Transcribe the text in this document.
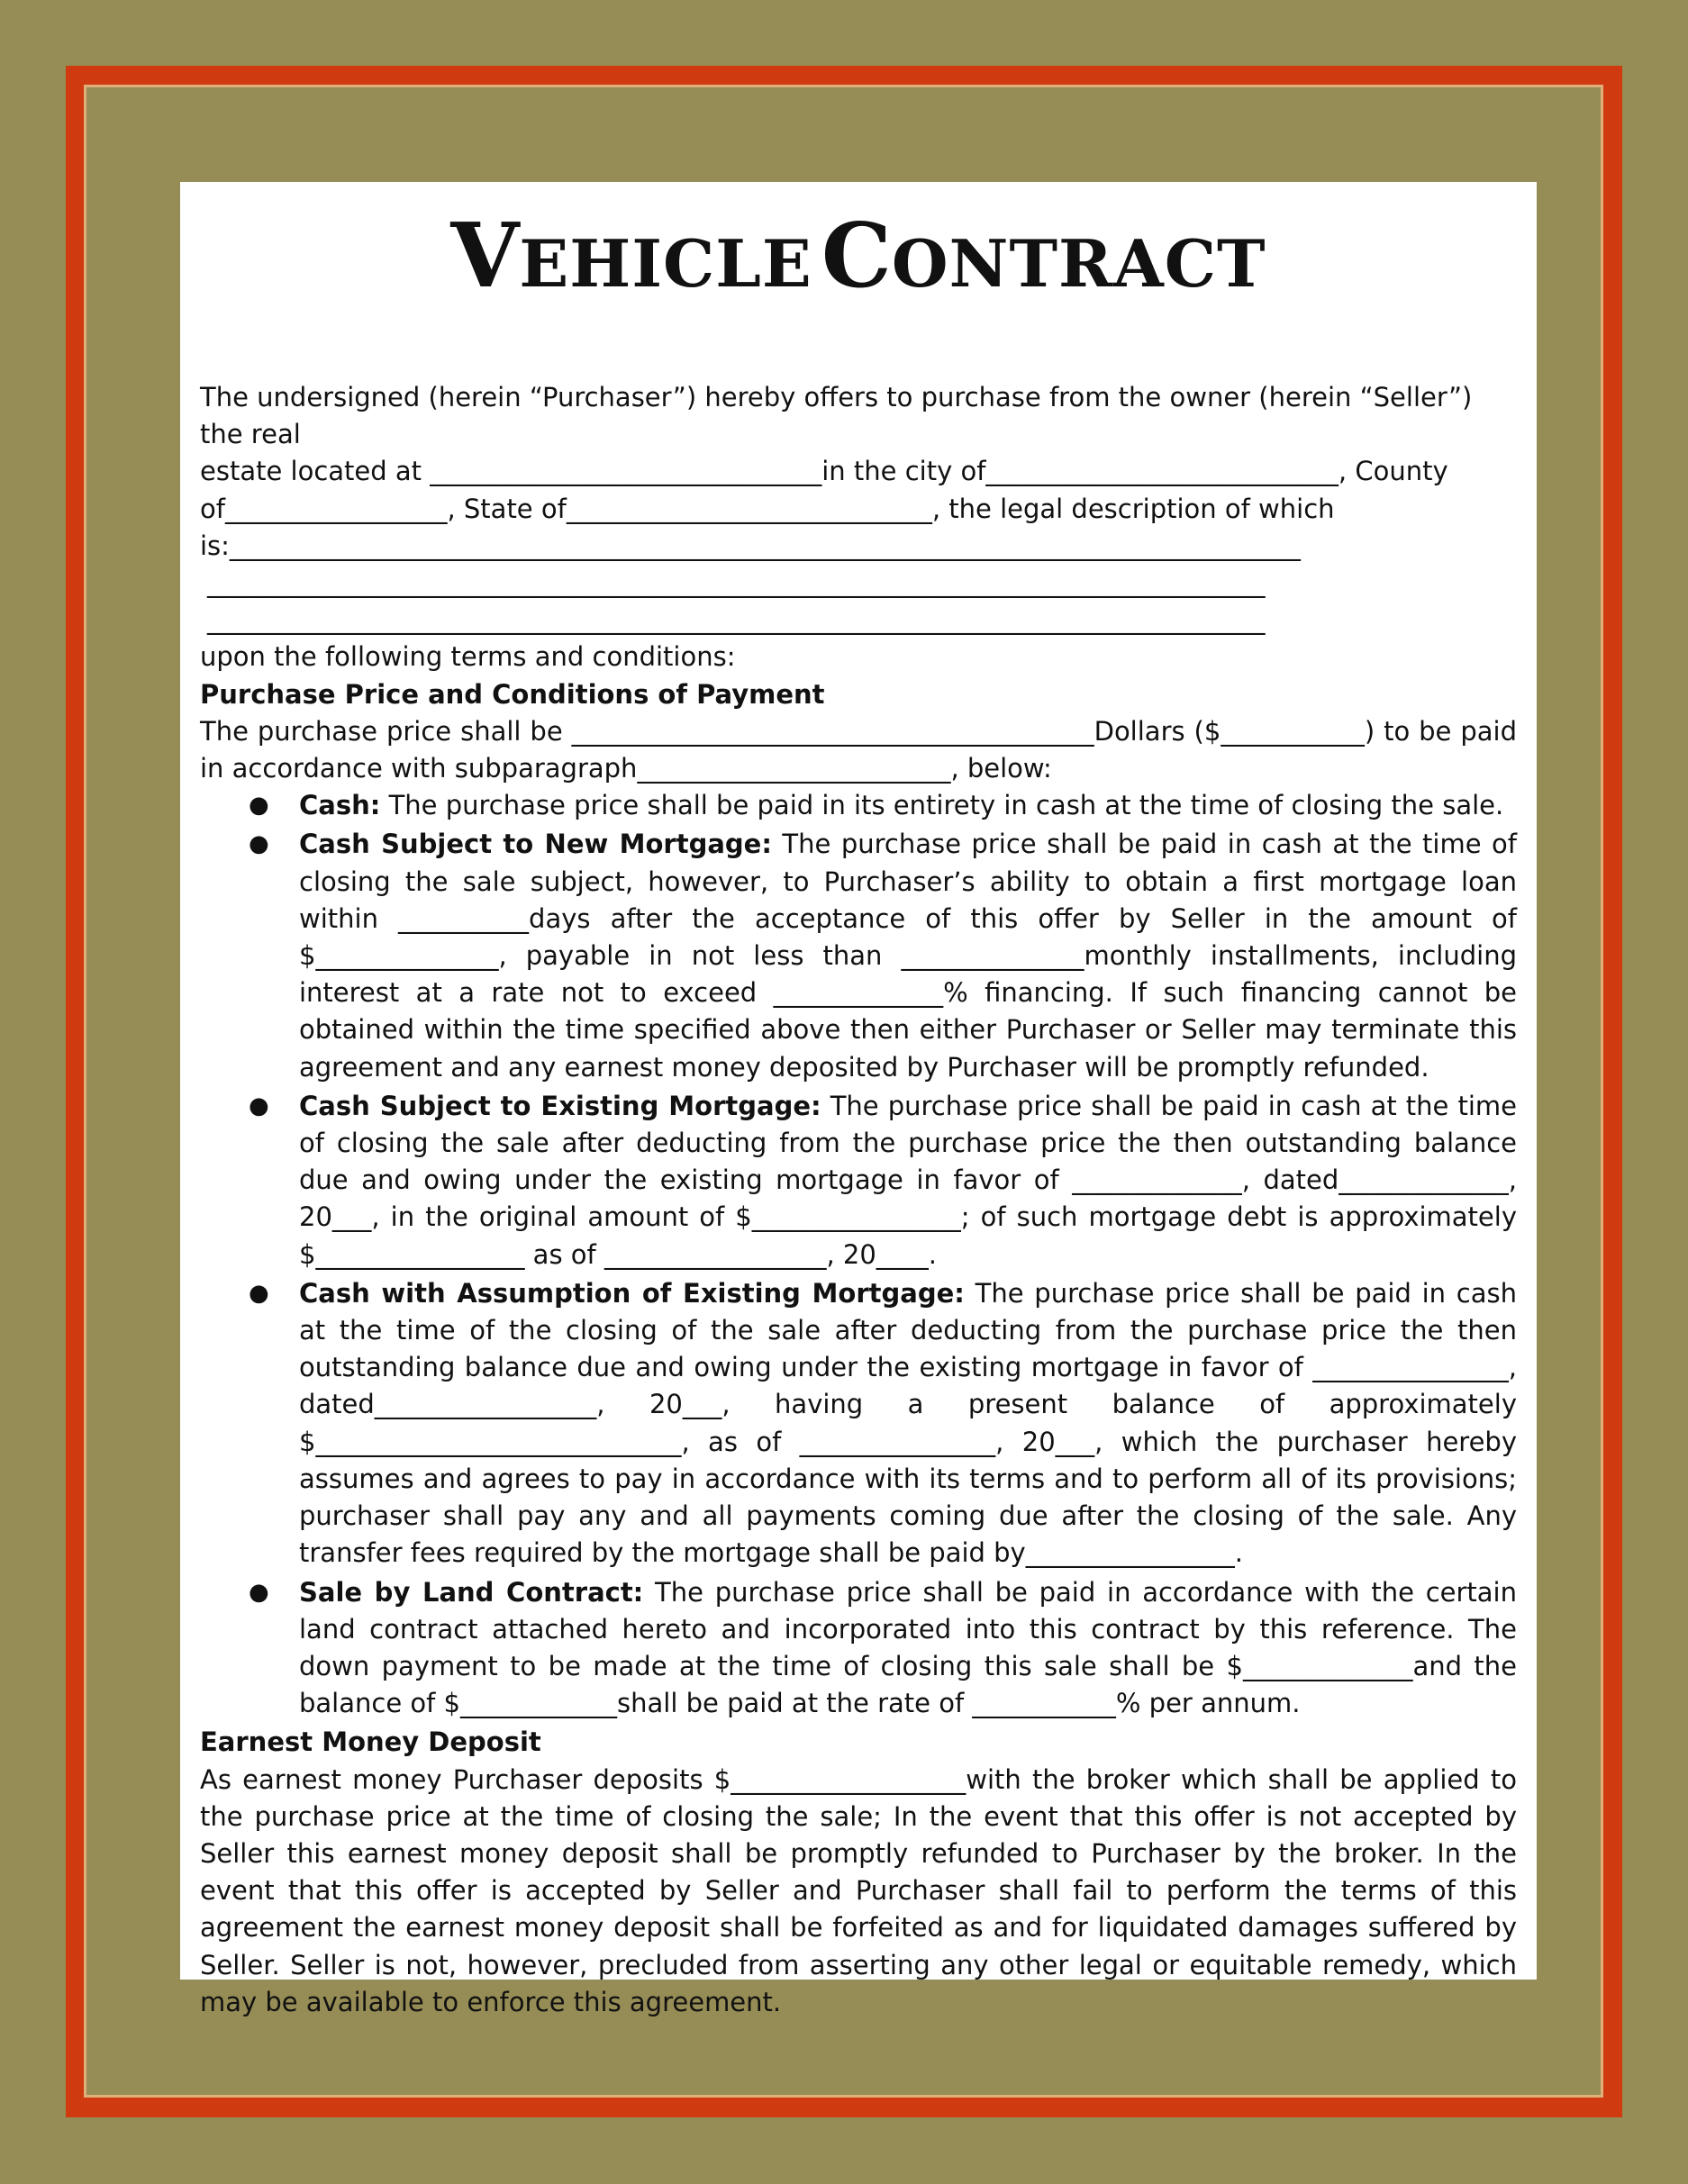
VEHICLE CONTRACT

The undersigned (herein “Purchaser”) hereby offers to purchase from the owner (herein “Seller”) the real

estate located at ______________________________in the city of___________________________, County

of_________________, State of____________________________, the legal description of which

is:__________________________________________________________________________________

_________________________________________________________________________________

_________________________________________________________________________________

upon the following terms and conditions:

Purchase Price and Conditions of Payment

The purchase price shall be ________________________________________Dollars ($___________) to be paid in accordance with subparagraph________________________, below:

● Cash: The purchase price shall be paid in its entirety in cash at the time of closing the sale.
● Cash Subject to New Mortgage: The purchase price shall be paid in cash at the time of closing the sale subject, however, to Purchaser’s ability to obtain a first mortgage loan within __________days after the acceptance of this offer by Seller in the amount of $______________, payable in not less than ______________monthly installments, including interest at a rate not to exceed _____________% financing. If such financing cannot be obtained within the time specified above then either Purchaser or Seller may terminate this agreement and any earnest money deposited by Purchaser will be promptly refunded.
● Cash Subject to Existing Mortgage: The purchase price shall be paid in cash at the time of closing the sale after deducting from the purchase price the then outstanding balance due and owing under the existing mortgage in favor of _____________, dated_____________, 20___, in the original amount of $________________; of such mortgage debt is approximately $________________ as of _________________, 20____.
● Cash with Assumption of Existing Mortgage: The purchase price shall be paid in cash at the time of the closing of the sale after deducting from the purchase price the then outstanding balance due and owing under the existing mortgage in favor of _______________, dated_________________, 20___, having a present balance of approximately $____________________________, as of _______________, 20___, which the purchaser hereby assumes and agrees to pay in accordance with its terms and to perform all of its provisions; purchaser shall pay any and all payments coming due after the closing of the sale. Any transfer fees required by the mortgage shall be paid by________________.
● Sale by Land Contract: The purchase price shall be paid in accordance with the certain land contract attached hereto and incorporated into this contract by this reference. The down payment to be made at the time of closing this sale shall be $_____________and the balance of $____________shall be paid at the rate of ___________% per annum.

Earnest Money Deposit

As earnest money Purchaser deposits $__________________with the broker which shall be applied to the purchase price at the time of closing the sale; In the event that this offer is not accepted by Seller this earnest money deposit shall be promptly refunded to Purchaser by the broker. In the event that this offer is accepted by Seller and Purchaser shall fail to perform the terms of this agreement the earnest money deposit shall be forfeited as and for liquidated damages suffered by Seller. Seller is not, however, precluded from asserting any other legal or equitable remedy, which may be available to enforce this agreement.
